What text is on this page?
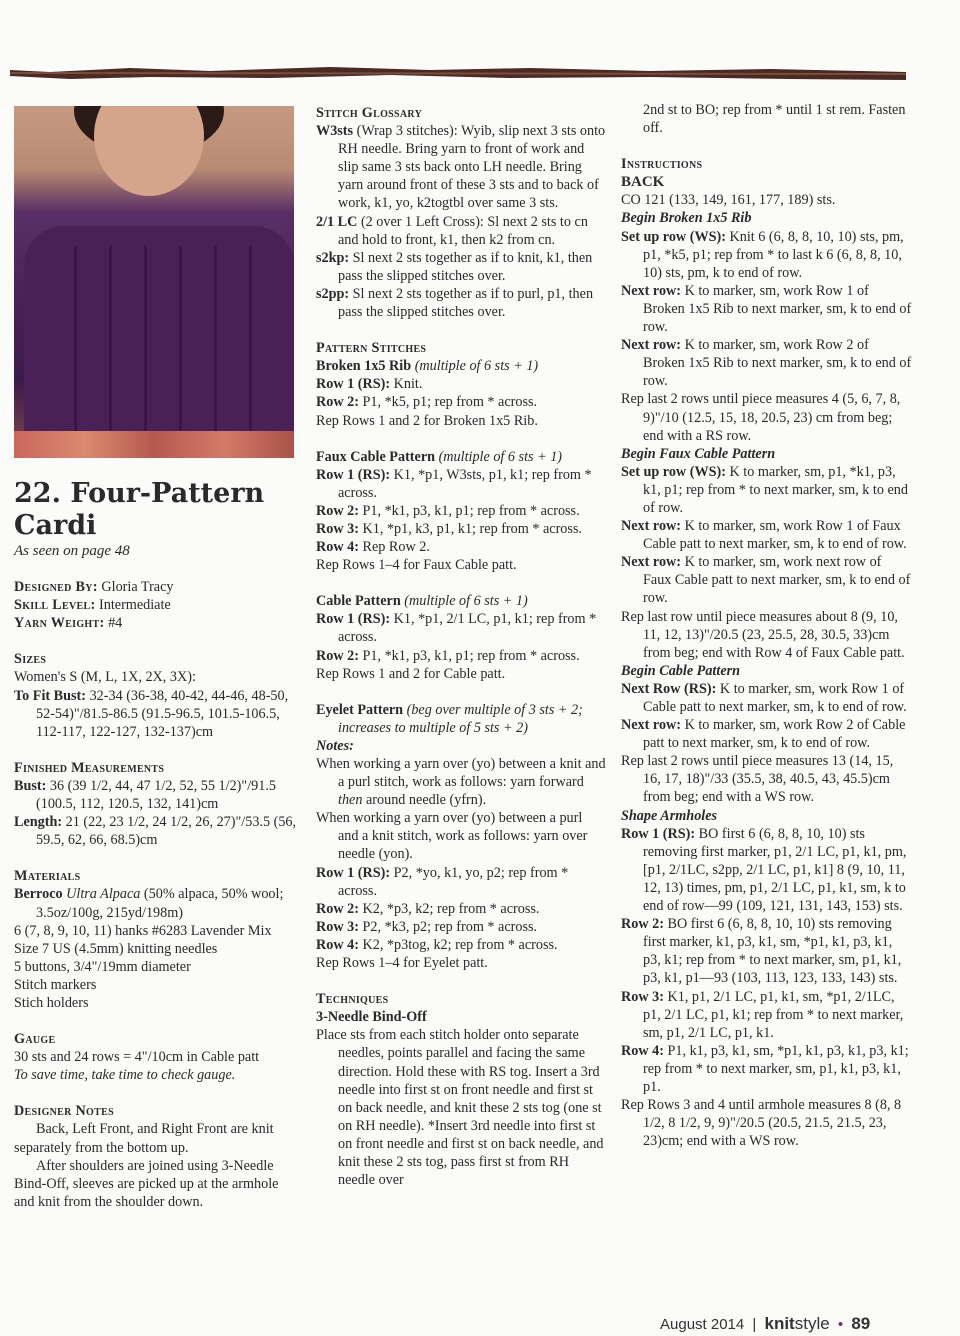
22. Four-Pattern
Cardi

As seen on page 48

Designed By: Gloria Tracy

Skill Level: Intermediate

Yarn Weight: #4

Sizes

Women's S (M, L, 1X, 2X, 3X):

To Fit Bust: 32-34 (36-38, 40-42, 44-46, 48-50, 52-54)"/81.5-86.5 (91.5-96.5, 101.5-106.5, 112-117, 122-127, 132-137)cm

Finished Measurements

Bust: 36 (39 1/2, 44, 47 1/2, 52, 55 1/2)"/91.5 (100.5, 112, 120.5, 132, 141)cm

Length: 21 (22, 23 1/2, 24 1/2, 26, 27)"/53.5 (56, 59.5, 62, 66, 68.5)cm

Materials

Berroco Ultra Alpaca (50% alpaca, 50% wool; 3.5oz/100g, 215yd/198m)

6 (7, 8, 9, 10, 11) hanks #6283 Lavender Mix

Size 7 US (4.5mm) knitting needles

5 buttons, 3/4"/19mm diameter

Stitch markers

Stich holders

Gauge

30 sts and 24 rows = 4"/10cm in Cable patt

To save time, take time to check gauge.

Designer Notes

Back, Left Front, and Right Front are knit separately from the bottom up.

After shoulders are joined using 3-Needle Bind-Off, sleeves are picked up at the armhole and knit from the shoulder down.

Stitch Glossary

W3sts (Wrap 3 stitches): Wyib, slip next 3 sts onto RH needle. Bring yarn to front of work and slip same 3 sts back onto LH needle. Bring yarn around front of these 3 sts and to back of work, k1, yo, k2togtbl over same 3 sts.

2/1 LC (2 over 1 Left Cross): Sl next 2 sts to cn and hold to front, k1, then k2 from cn.

s2kp: Sl next 2 sts together as if to knit, k1, then pass the slipped stitches over.

s2pp: Sl next 2 sts together as if to purl, p1, then pass the slipped stitches over.

Pattern Stitches

Broken 1x5 Rib (multiple of 6 sts + 1)

Row 1 (RS): Knit.

Row 2: P1, *k5, p1; rep from * across.

Rep Rows 1 and 2 for Broken 1x5 Rib.

Faux Cable Pattern (multiple of 6 sts + 1)

Row 1 (RS): K1, *p1, W3sts, p1, k1; rep from * across.

Row 2: P1, *k1, p3, k1, p1; rep from * across.

Row 3: K1, *p1, k3, p1, k1; rep from * across.

Row 4: Rep Row 2.

Rep Rows 1–4 for Faux Cable patt.

Cable Pattern (multiple of 6 sts + 1)

Row 1 (RS): K1, *p1, 2/1 LC, p1, k1; rep from * across.

Row 2: P1, *k1, p3, k1, p1; rep from * across.

Rep Rows 1 and 2 for Cable patt.

Eyelet Pattern (beg over multiple of 3 sts + 2; increases to multiple of 5 sts + 2)

Notes:

When working a yarn over (yo) between a knit and a purl stitch, work as follows: yarn forward then around needle (yfrn).

When working a yarn over (yo) between a purl and a knit stitch, work as follows: yarn over needle (yon).

Row 1 (RS): P2, *yo, k1, yo, p2; rep from * across.

Row 2: K2, *p3, k2; rep from * across.

Row 3: P2, *k3, p2; rep from * across.

Row 4: K2, *p3tog, k2; rep from * across.

Rep Rows 1–4 for Eyelet patt.

Techniques

3-Needle Bind-Off

Place sts from each stitch holder onto separate needles, points parallel and facing the same direction. Hold these with RS tog. Insert a 3rd needle into first st on front needle and first st on back needle, and knit these 2 sts tog (one st on RH needle). *Insert 3rd needle into first st on front needle and first st on back needle, and knit these 2 sts tog, pass first st from RH needle over

2nd st to BO; rep from * until 1 st rem. Fasten off.

Instructions

BACK

CO 121 (133, 149, 161, 177, 189) sts.

Begin Broken 1x5 Rib

Set up row (WS): Knit 6 (6, 8, 8, 10, 10) sts, pm, p1, *k5, p1; rep from * to last k 6 (6, 8, 8, 10, 10) sts, pm, k to end of row.

Next row: K to marker, sm, work Row 1 of Broken 1x5 Rib to next marker, sm, k to end of row.

Next row: K to marker, sm, work Row 2 of Broken 1x5 Rib to next marker, sm, k to end of row.

Rep last 2 rows until piece measures 4 (5, 6, 7, 8, 9)"/10 (12.5, 15, 18, 20.5, 23) cm from beg; end with a RS row.

Begin Faux Cable Pattern

Set up row (WS): K to marker, sm, p1, *k1, p3, k1, p1; rep from * to next marker, sm, k to end of row.

Next row: K to marker, sm, work Row 1 of Faux Cable patt to next marker, sm, k to end of row.

Next row: K to marker, sm, work next row of Faux Cable patt to next marker, sm, k to end of row.

Rep last row until piece measures about 8 (9, 10, 11, 12, 13)"/20.5 (23, 25.5, 28, 30.5, 33)cm from beg; end with Row 4 of Faux Cable patt.

Begin Cable Pattern

Next Row (RS): K to marker, sm, work Row 1 of Cable patt to next marker, sm, k to end of row.

Next row: K to marker, sm, work Row 2 of Cable patt to next marker, sm, k to end of row.

Rep last 2 rows until piece measures 13 (14, 15, 16, 17, 18)"/33 (35.5, 38, 40.5, 43, 45.5)cm from beg; end with a WS row.

Shape Armholes

Row 1 (RS): BO first 6 (6, 8, 8, 10, 10) sts removing first marker, p1, 2/1 LC, p1, k1, pm, [p1, 2/1LC, s2pp, 2/1 LC, p1, k1] 8 (9, 10, 11, 12, 13) times, pm, p1, 2/1 LC, p1, k1, sm, k to end of row—99 (109, 121, 131, 143, 153) sts.

Row 2: BO first 6 (6, 8, 8, 10, 10) sts removing first marker, k1, p3, k1, sm, *p1, k1, p3, k1, p3, k1; rep from * to next marker, sm, p1, k1, p3, k1, p1—93 (103, 113, 123, 133, 143) sts.

Row 3: K1, p1, 2/1 LC, p1, k1, sm, *p1, 2/1LC, p1, 2/1 LC, p1, k1; rep from * to next marker, sm, p1, 2/1 LC, p1, k1.

Row 4: P1, k1, p3, k1, sm, *p1, k1, p3, k1, p3, k1; rep from * to next marker, sm, p1, k1, p3, k1, p1.

Rep Rows 3 and 4 until armhole measures 8 (8, 8 1/2, 8 1/2, 9, 9)"/20.5 (20.5, 21.5, 21.5, 23, 23)cm; end with a WS row.

August 2014 | knitstyle • 89
